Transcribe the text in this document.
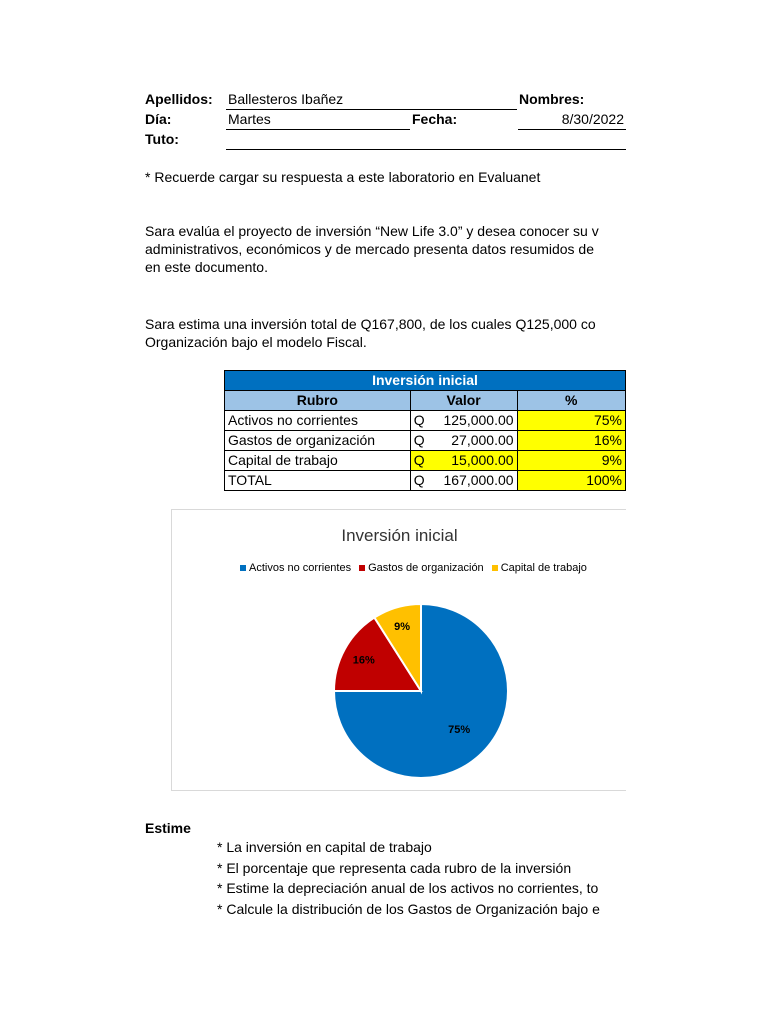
Apellidos: Ballesteros Ibañez	Nombres:
Día:	Martes	Fecha:	8/30/2022
Tuto:
* Recuerde cargar su respuesta a este laboratorio en Evaluanet
Sara evalúa el proyecto de inversión “New Life 3.0” y desea conocer su v
administrativos, económicos y de mercado presenta datos resumidos de
en este documento.
Sara estima una inversión total de Q167,800, de los cuales Q125,000 co
Organización bajo el modelo Fiscal.
Inversión inicial		
Rubro	Valor	%
Activos no corrientes	Q 125,000.00	75%
Gastos de organización	Q 27,000.00	16%
Capital de trabajo	Q 15,000.00	9%
TOTAL	Q 167,000.00	100%
Inversión inicial
Activos no corrientes	Gastos de organización	Capital de trabajo
75%
16%
9%
Estime
* La inversión en capital de trabajo
* El porcentaje que representa cada rubro de la inversión
* Estime la depreciación anual de los activos no corrientes, to
* Calcule la distribución de los Gastos de Organización bajo e
